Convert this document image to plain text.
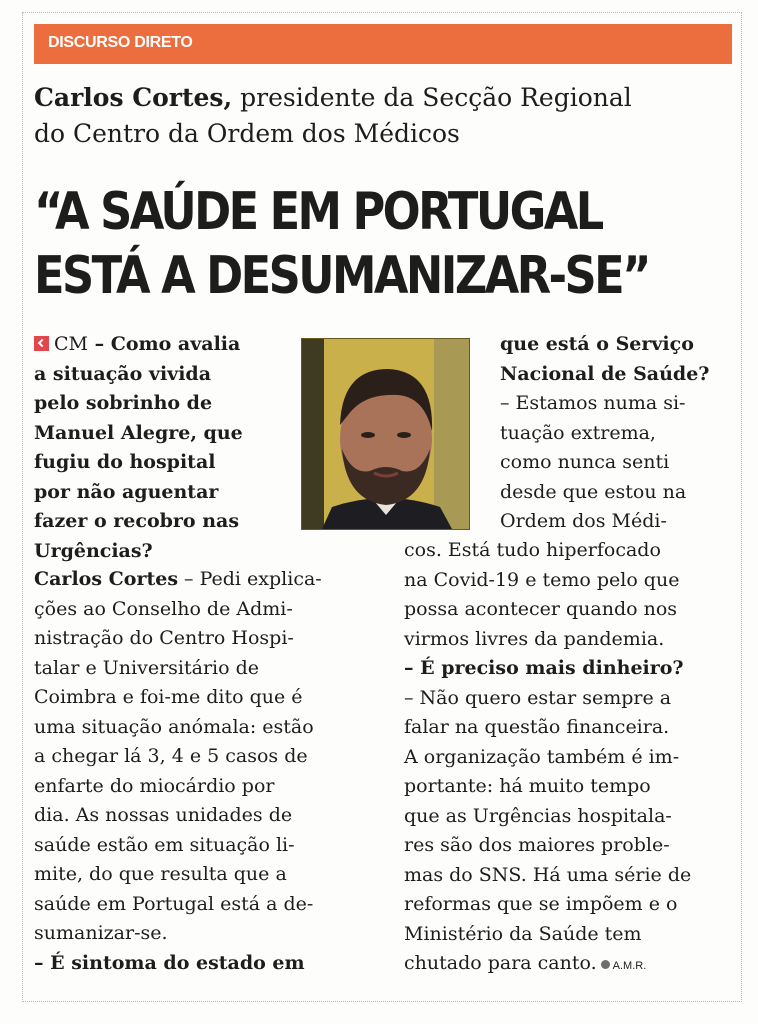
DISCURSO DIRETO
Carlos Cortes, presidente da Secção Regional
do Centro da Ordem dos Médicos
“A SAÚDE EM PORTUGAL
ESTÁ A DESUMANIZAR-SE”

CM – Como avalia

a situação vivida

pelo sobrinho de

Manuel Alegre, que

fugiu do hospital

por não aguentar

fazer o recobro nas

Urgências?

Carlos Cortes – Pedi explica-

ções ao Conselho de Admi-

nistração do Centro Hospi-

talar e Universitário de

Coimbra e foi-me dito que é

uma situação anómala: estão

a chegar lá 3, 4 e 5 casos de

enfarte do miocárdio por

dia. As nossas unidades de

saúde estão em situação li-

mite, do que resulta que a

saúde em Portugal está a de-

sumanizar-se.

– É sintoma do estado em

que está o Serviço

Nacional de Saúde?

– Estamos numa si-

tuação extrema,

como nunca senti

desde que estou na

Ordem dos Médi-

cos. Está tudo hiperfocado

na Covid-19 e temo pelo que

possa acontecer quando nos

virmos livres da pandemia.

– É preciso mais dinheiro?

– Não quero estar sempre a

falar na questão financeira.

A organização também é im-

portante: há muito tempo

que as Urgências hospitala-

res são dos maiores proble-

mas do SNS. Há uma série de

reformas que se impõem e o

Ministério da Saúde tem

chutado para canto. A.M.R.
